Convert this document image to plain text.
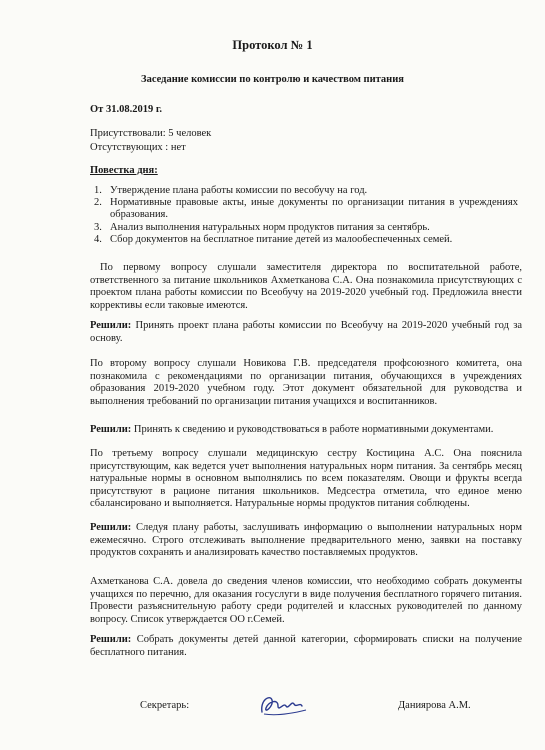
Протокол № 1
Заседание комиссии по контролю и качеством питания
От 31.08.2019 г.
Присутствовали: 5 человек
Отсутствующих : нет
Повестка дня:
1. Утверждение плана работы комиссии по весобучу на год.
2. Нормативные правовые акты, иные документы по организации питания в учреждениях образования.
3. Анализ выполнения натуральных норм продуктов питания за сентябрь.
4. Сбор документов на бесплатное питание детей из малообеспеченных семей.

По первому вопросу слушали заместителя директора по воспитательной работе, ответственного за питание школьников Ахметканова С.А. Она познакомила присутствующих с проектом плана работы комиссии по Всеобучу на 2019-2020 учебный год. Предложила внести коррективы если таковые имеются.

Решили: Принять проект плана работы комиссии по Всеобучу на 2019-2020 учебный год за основу.

По второму вопросу слушали Новикова Г.В. председателя профсоюзного комитета, она познакомила с рекомендациями по организации питания, обучающихся в учреждениях образования 2019-2020 учебном году. Этот документ обязательной для руководства и выполнения требований по организации питания учащихся и воспитанников.

Решили: Принять к сведению и руководствоваться в работе нормативными документами.

По третьему вопросу слушали медицинскую сестру Костицина А.С. Она пояснила присутствующим, как ведется учет выполнения натуральных норм питания. За сентябрь месяц натуральные нормы в основном выполнялись по всем показателям. Овощи и фрукты всегда присутствуют в рационе питания школьников. Медсестра отметила, что единое меню сбалансировано и выполняется. Натуральные нормы продуктов питания соблюдены.

Решили: Следуя плану работы, заслушивать информацию о выполнении натуральных норм ежемесячно. Строго отслеживать выполнение предварительного меню, заявки на поставку продуктов сохранять и анализировать качество поставляемых продуктов.

Ахметканова С.А. довела до сведения членов комиссии, что необходимо собрать документы учащихся по перечню, для оказания госуслуги в виде получения бесплатного горячего питания. Провести разъяснительную работу среди родителей и классных руководителей по данному вопросу. Список утверждается ОО г.Семей.

Решили: Собрать документы детей данной категории, сформировать списки на получение бесплатного питания.

Секретарь:	Даниярова А.М.
